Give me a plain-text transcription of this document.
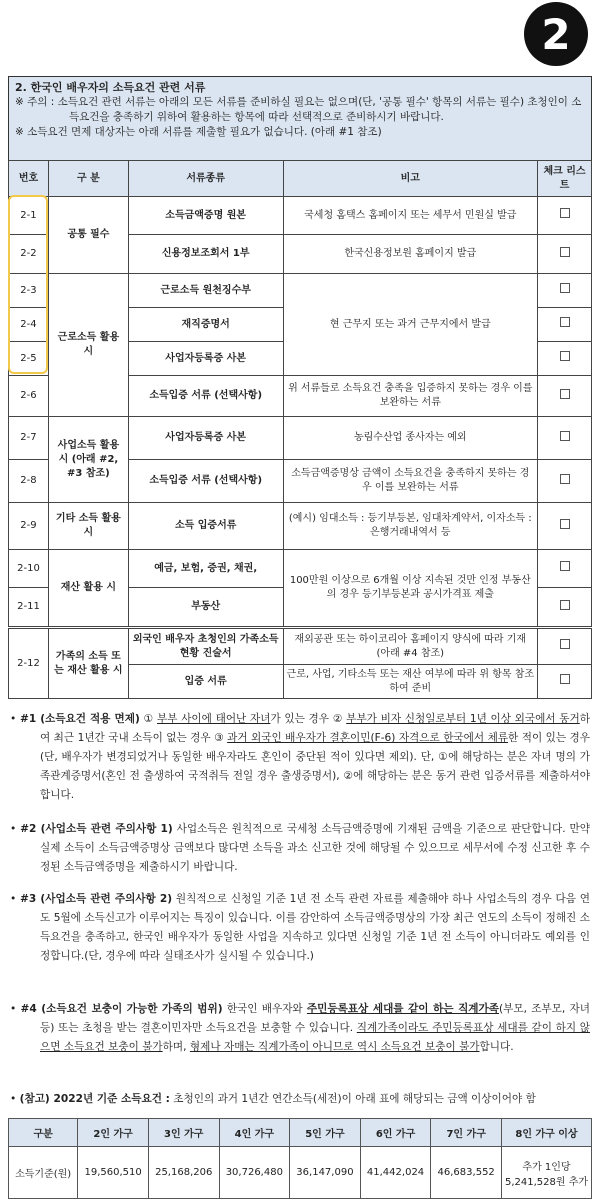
2
2. 한국인 배우자의 소득요건 관련 서류
※ 주의 : 소득요건 관련 서류는 아래의 모든 서류를 준비하실 필요는 없으며(단, '공통 필수' 항목의 서류는 필수) 초청인이 소득요건을 충족하기 위하여 활용하는 항목에 따라 선택적으로 준비하시기 바랍니다.
※ 소득요건 면제 대상자는 아래 서류를 제출할 필요가 없습니다. (아래 #1 참조)
번호	구 분	서류종류	비고	체크 리스트
2-1	공통 필수	소득금액증명 원본	국세청 홈택스 홈페이지 또는 세무서 민원실 발급	
2-2		신용정보조회서 1부	한국신용정보원 홈페이지 발급	
2-3	근로소득 활용 시	근로소득 원천징수부	현 근무지 또는 과거 근무지에서 발급	
2-4		재직증명서		
2-5		사업자등록증 사본		
2-6		소득입증 서류 (선택사항)	위 서류들로 소득요건 충족을 입증하지 못하는 경우 이를 보완하는 서류	
2-7	사업소득 활용 시 (아래 #2, #3 참조)	사업자등록증 사본	농림수산업 종사자는 예외	
2-8		소득입증 서류 (선택사항)	소득금액증명상 금액이 소득요건을 충족하지 못하는 경우 이를 보완하는 서류	
2-9	기타 소득 활용 시	소득 입증서류	(예시) 임대소득 : 등기부등본, 임대차계약서, 이자소득 : 은행거래내역서 등	
2-10	재산 활용 시	예금, 보험, 증권, 채권,	100만원 이상으로 6개월 이상 지속된 것만 인정 부동산의 경우 등기부등본과 공시가격표 제출	
2-11		부동산		
2-12	가족의 소득 또는 재산 활용 시	외국인 배우자 초청인의 가족소득 현황 진술서	재외공관 또는 하이코리아 홈페이지 양식에 따라 기재 (아래 #4 참조)	
		입증 서류	근로, 사업, 기타소득 또는 재산 여부에 따라 위 항목 참조하여 준비	
• #1 (소득요건 적용 면제) ① 부부 사이에 태어난 자녀가 있는 경우 ② 부부가 비자 신청일로부터 1년 이상 외국에서 동거하여 최근 1년간 국내 소득이 없는 경우 ③ 과거 외국인 배우자가 결혼이민(F-6) 자격으로 한국에서 체류한 적이 있는 경우(단, 배우자가 변경되었거나 동일한 배우자라도 혼인이 중단된 적이 있다면 제외). 단, ①에 해당하는 분은 자녀 명의 가족관계증명서(혼인 전 출생하여 국적취득 전일 경우 출생증명서), ②에 해당하는 분은 동거 관련 입증서류를 제출하셔야 합니다.
• #2 (사업소득 관련 주의사항 1) 사업소득은 원칙적으로 국세청 소득금액증명에 기재된 금액을 기준으로 판단합니다. 만약 실제 소득이 소득금액증명상 금액보다 많다면 소득을 과소 신고한 것에 해당될 수 있으므로 세무서에 수정 신고한 후 수정된 소득금액증명을 제출하시기 바랍니다.
• #3 (사업소득 관련 주의사항 2) 원칙적으로 신청일 기준 1년 전 소득 관련 자료를 제출해야 하나 사업소득의 경우 다음 연도 5월에 소득신고가 이루어지는 특징이 있습니다. 이를 감안하여 소득금액증명상의 가장 최근 연도의 소득이 정해진 소득요건을 충족하고, 한국인 배우자가 동일한 사업을 지속하고 있다면 신청일 기준 1년 전 소득이 아니더라도 예외를 인정합니다.(단, 경우에 따라 실태조사가 실시될 수 있습니다.)
• #4 (소득요건 보충이 가능한 가족의 범위) 한국인 배우자와 주민등록표상 세대를 같이 하는 직계가족(부모, 조부모, 자녀 등) 또는 초청을 받는 결혼이민자만 소득요건을 보충할 수 있습니다. 직계가족이라도 주민등록표상 세대를 같이 하지 않으면 소득요건 보충이 불가하며, 형제나 자매는 직계가족이 아니므로 역시 소득요건 보충이 불가합니다.
• (참고) 2022년 기준 소득요건 : 초청인의 과거 1년간 연간소득(세전)이 아래 표에 해당되는 금액 이상이어야 함
구분	2인 가구	3인 가구	4인 가구	5인 가구	6인 가구	7인 가구	8인 가구 이상
소득기준(원)	19,560,510	25,168,206	30,726,480	36,147,090	41,442,024	46,683,552	추가 1인당 5,241,528원 추가
